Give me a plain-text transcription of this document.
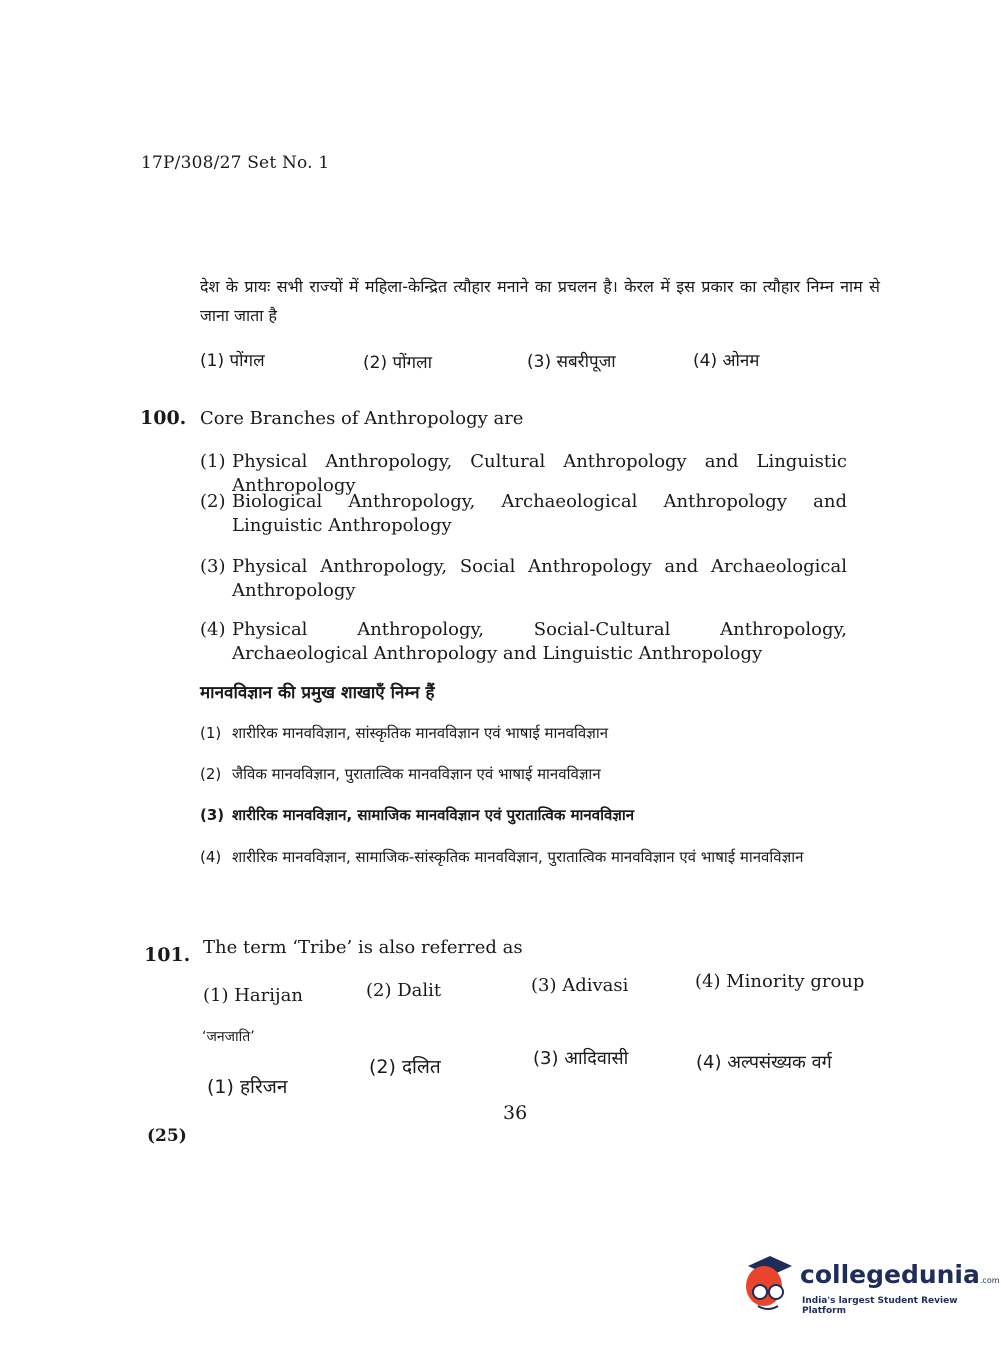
17P/308/27 Set No. 1
देश के प्रायः सभी राज्यों में महिला-केन्द्रित त्यौहार मनाने का प्रचलन है। केरल में इस प्रकार का त्यौहार निम्न नाम से जाना जाता है
(1) पोंगल	(2) पोंगला	(3) सबरीपूजा	(4) ओनम
100. Core Branches of Anthropology are
(1) Physical Anthropology, Cultural Anthropology and Linguistic Anthropology
(2) Biological Anthropology, Archaeological Anthropology and Linguistic Anthropology
(3) Physical Anthropology, Social Anthropology and Archaeological Anthropology
(4) Physical Anthropology, Social-Cultural Anthropology, Archaeological Anthropology and Linguistic Anthropology
मानवविज्ञान की प्रमुख शाखाएँ निम्न हैं
(1) शारीरिक मानवविज्ञान, सांस्कृतिक मानवविज्ञान एवं भाषाई मानवविज्ञान
(2) जैविक मानवविज्ञान, पुरातात्विक मानवविज्ञान एवं भाषाई मानवविज्ञान
(3) शारीरिक मानवविज्ञान, सामाजिक मानवविज्ञान एवं पुरातात्विक मानवविज्ञान
(4) शारीरिक मानवविज्ञान, सामाजिक-सांस्कृतिक मानवविज्ञान, पुरातात्विक मानवविज्ञान एवं भाषाई मानवविज्ञान
101. The term ‘Tribe’ is also referred as
(1) Harijan	(2) Dalit	(3) Adivasi	(4) Minority group
‘जनजाति’
(1) हरिजन
(2) दलित	(3) आदिवासी	(4) अल्पसंख्यक वर्ग
36
(25)
collegedunia.com
India's largest Student Review Platform
